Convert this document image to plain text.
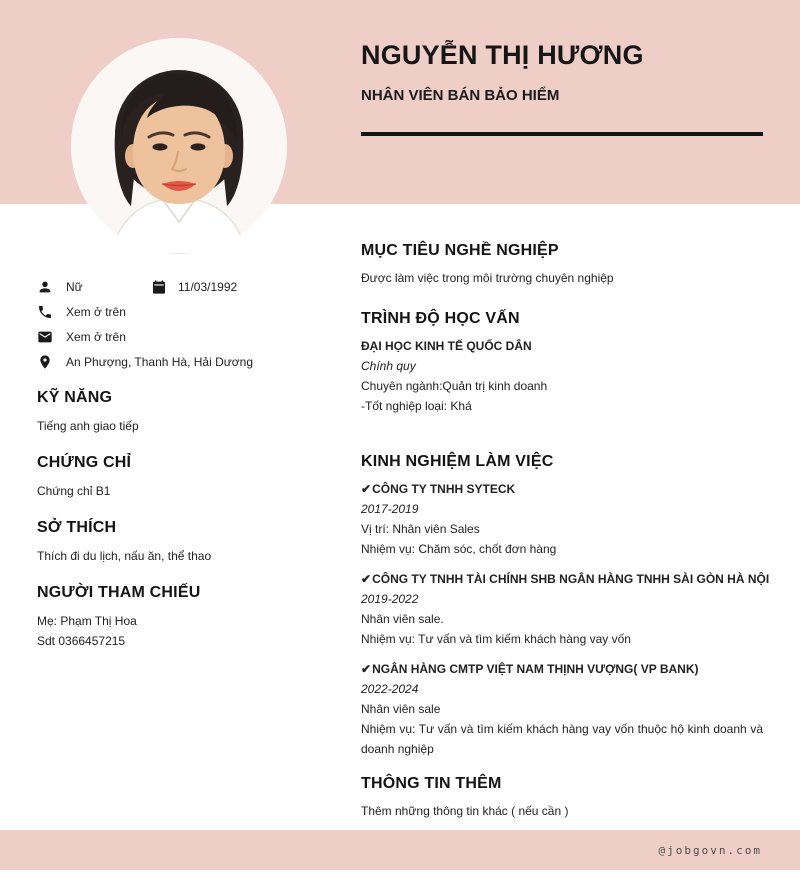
NGUYỄN THỊ HƯƠNG
NHÂN VIÊN BÁN BẢO HIỂM
Nữ	11/03/1992
Xem ở trên
Xem ở trên
An Phượng, Thanh Hà, Hải Dương
KỸ NĂNG

Tiếng anh giao tiếp

CHỨNG CHỈ

Chứng chỉ B1

SỞ THÍCH

Thích đi du lịch, nấu ăn, thể thao

NGƯỜI THAM CHIẾU

Mẹ: Phạm Thị Hoa

Sdt 0366457215

MỤC TIÊU NGHỀ NGHIỆP

Được làm việc trong môi trường chuyên nghiệp

TRÌNH ĐỘ HỌC VẤN

ĐẠI HỌC KINH TẾ QUỐC DÂN

Chính quy

Chuyên ngành:Quản trị kinh doanh

-Tốt nghiệp loại: Khá

KINH NGHIỆM LÀM VIỆC

✔CÔNG TY TNHH SYTECK

2017-2019

Vị trí: Nhân viên Sales

Nhiệm vụ: Chăm sóc, chốt đơn hàng

✔CÔNG TY TNHH TÀI CHÍNH SHB NGÂN HÀNG TNHH SÀI GÒN HÀ NỘI

2019-2022

Nhân viên sale.

Nhiệm vụ: Tư vấn và tìm kiếm khách hàng vay vốn

✔NGÂN HÀNG CMTP VIỆT NAM THỊNH VƯỢNG( VP BANK)

2022-2024

Nhân viên sale

Nhiệm vụ: Tư vấn và tìm kiếm khách hàng vay vốn thuộc hộ kinh doanh và doanh nghiệp

THÔNG TIN THÊM

Thêm những thông tin khác ( nếu cần )

@jobgovn.com
